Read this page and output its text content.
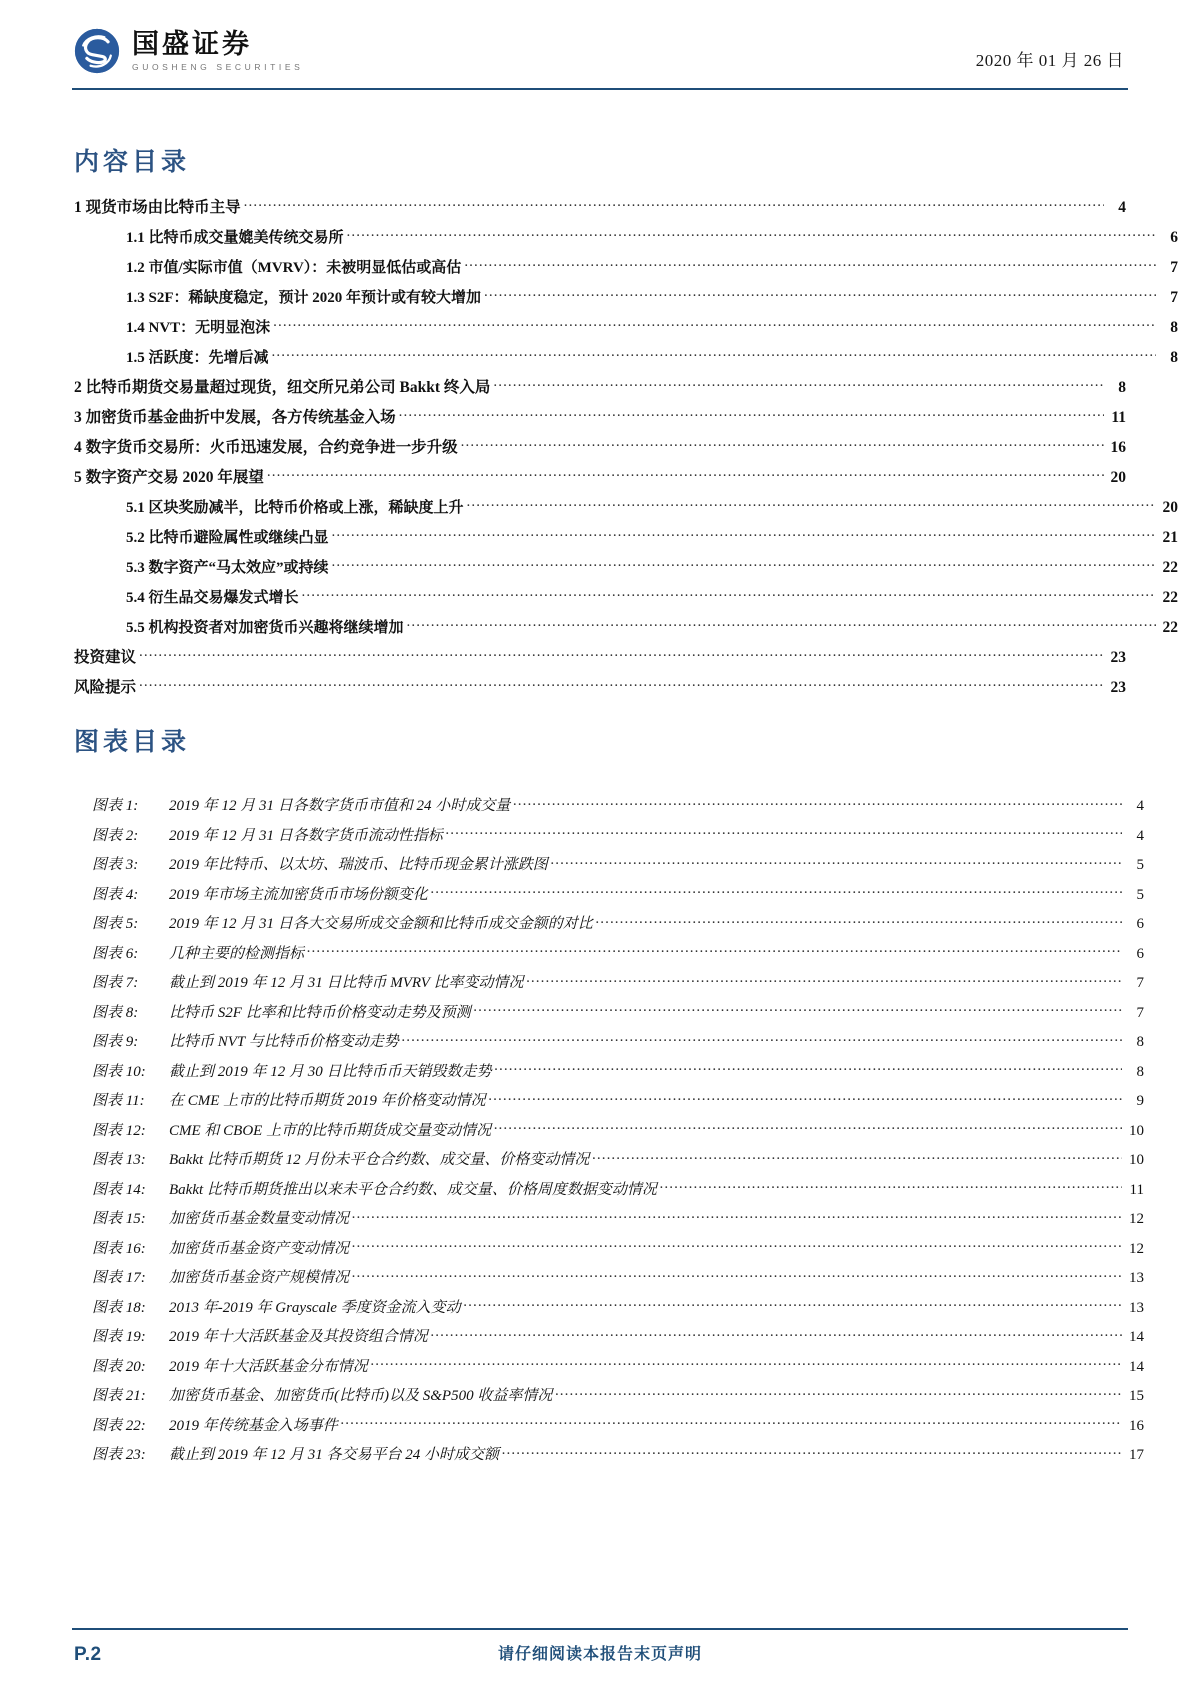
国盛证券
GUOSHENG SECURITIES	2020 年 01 月 26 日
内容目录
1 现货市场由比特币主导 .....	4
1.1 比特币成交量媲美传统交易所 .....	6
1.2 市值/实际市值（MVRV）：未被明显低估或高估 .....	7
1.3 S2F：稀缺度稳定，预计 2020 年预计或有较大增加 .....	7
1.4 NVT：无明显泡沫 .....	8
1.5 活跃度：先增后减 .....	8
2 比特币期货交易量超过现货，纽交所兄弟公司 Bakkt 终入局 .....	8
3 加密货币基金曲折中发展，各方传统基金入场 .....	11
4 数字货币交易所：火币迅速发展，合约竞争进一步升级 .....	16
5 数字资产交易 2020 年展望 .....	20
5.1 区块奖励减半，比特币价格或上涨，稀缺度上升 .....	20
5.2 比特币避险属性或继续凸显 .....	21
5.3 数字资产“马太效应”或持续 .....	22
5.4 衍生品交易爆发式增长 .....	22
5.5 机构投资者对加密货币兴趣将继续增加 .....	22
投资建议 .....	23
风险提示 .....	23
图表目录
图表 1:	2019 年 12 月 31 日各数字货币市值和 24 小时成交量 .....	4
图表 2:	2019 年 12 月 31 日各数字货币流动性指标 .....	4
图表 3:	2019 年比特币、以太坊、瑞波币、比特币现金累计涨跌图 .....	5
图表 4:	2019 年市场主流加密货币市场份额变化 .....	5
图表 5:	2019 年 12 月 31 日各大交易所成交金额和比特币成交金额的对比 .....	6
图表 6:	几种主要的检测指标 .....	6
图表 7:	截止到 2019 年 12 月 31 日比特币 MVRV 比率变动情况 .....	7
图表 8:	比特币 S2F 比率和比特币价格变动走势及预测 .....	7
图表 9:	比特币 NVT 与比特币价格变动走势 .....	8
图表 10:	截止到 2019 年 12 月 30 日比特币币天销毁数走势 .....	8
图表 11:	在 CME 上市的比特币期货 2019 年价格变动情况 .....	9
图表 12:	CME 和 CBOE 上市的比特币期货成交量变动情况 .....	10
图表 13:	Bakkt 比特币期货 12 月份未平仓合约数、成交量、价格变动情况 .....	10
图表 14:	Bakkt 比特币期货推出以来未平仓合约数、成交量、价格周度数据变动情况 .....	11
图表 15:	加密货币基金数量变动情况 .....	12
图表 16:	加密货币基金资产变动情况 .....	12
图表 17:	加密货币基金资产规模情况 .....	13
图表 18:	2013 年-2019 年 Grayscale 季度资金流入变动 .....	13
图表 19:	2019 年十大活跃基金及其投资组合情况 .....	14
图表 20:	2019 年十大活跃基金分布情况 .....	14
图表 21:	加密货币基金、加密货币(比特币)以及 S&P500 收益率情况 .....	15
图表 22:	2019 年传统基金入场事件 .....	16
图表 23:	截止到 2019 年 12 月 31 各交易平台 24 小时成交额 .....	17
P.2	请仔细阅读本报告末页声明
